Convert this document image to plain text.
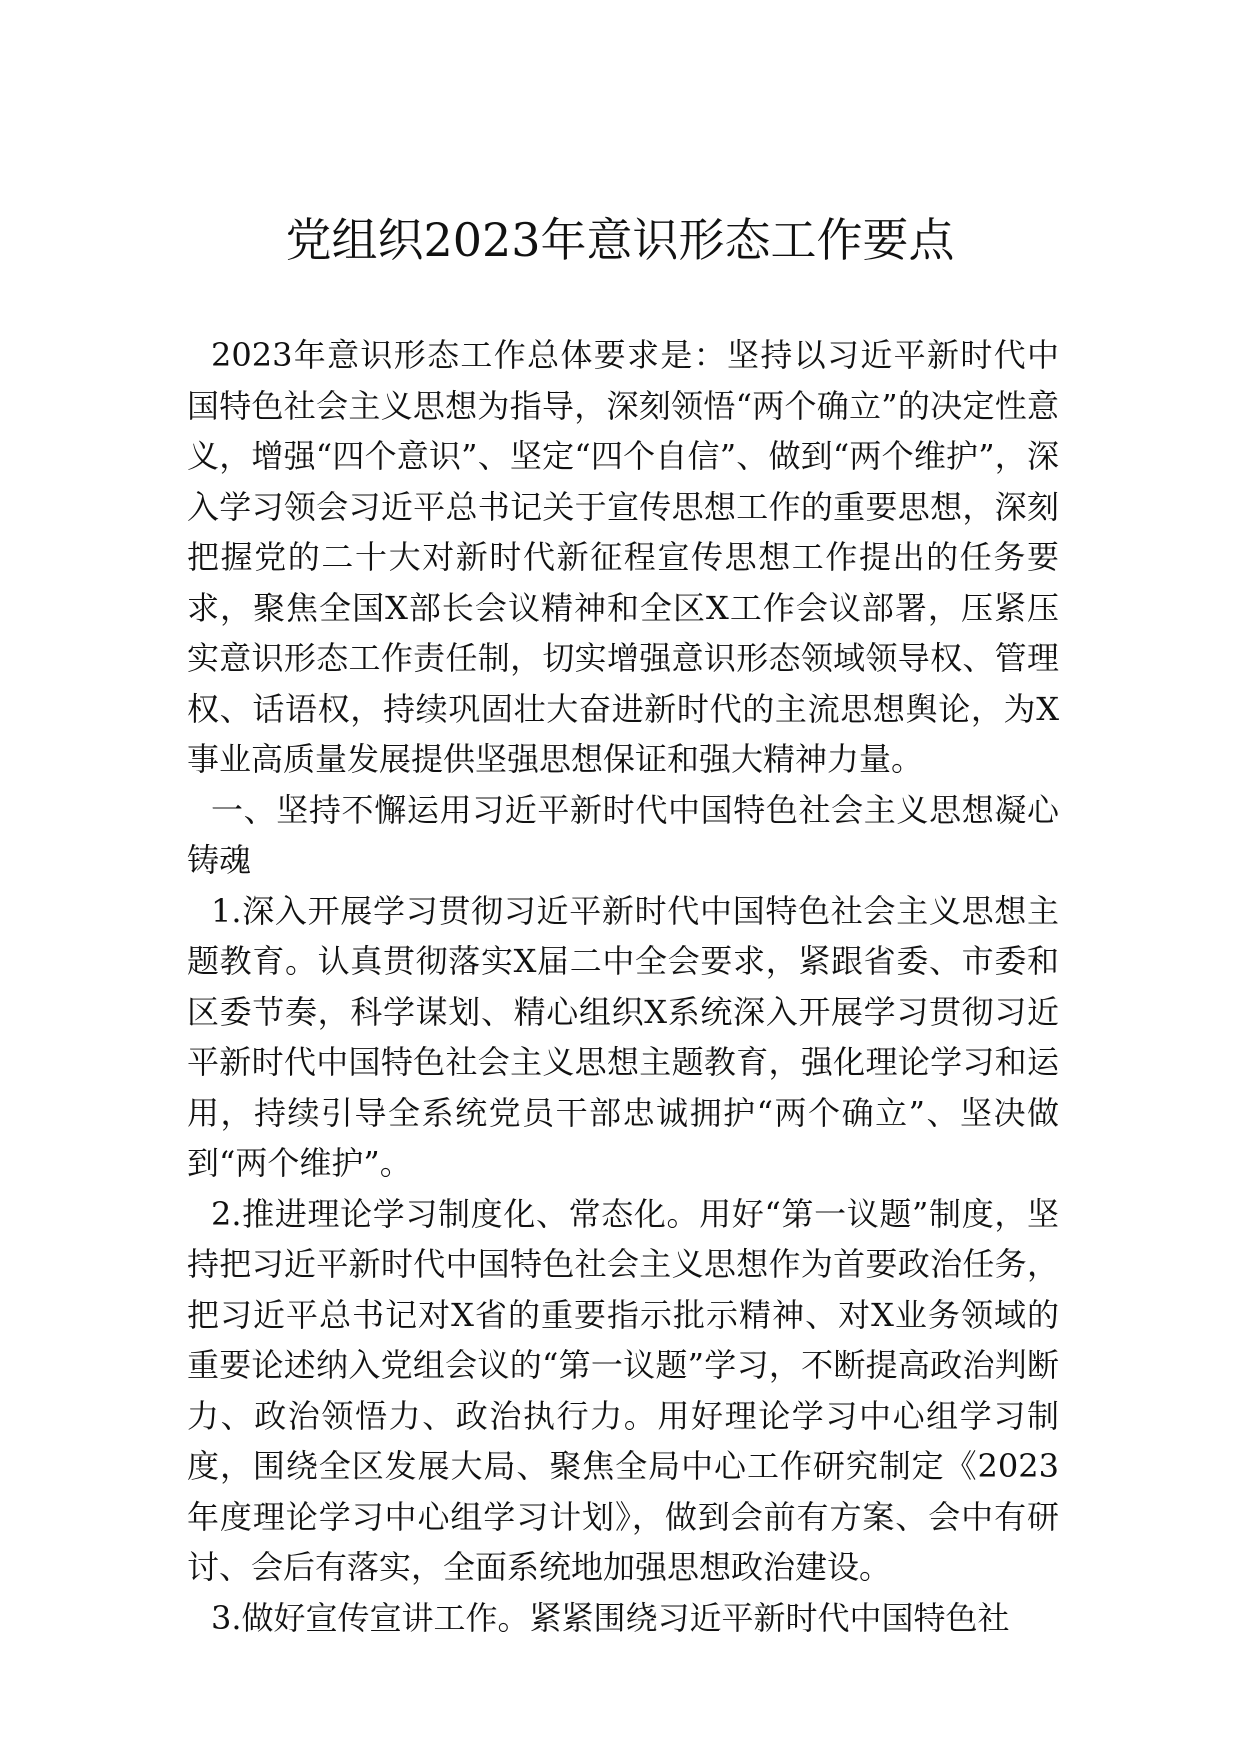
党组织2023年意识形态工作要点

2023年意识形态工作总体要求是：坚持以习近平新时代中国特色社会主义思想为指导，深刻领悟“两个确立”的决定性意义，增强“四个意识”、坚定“四个自信”、做到“两个维护”，深入学习领会习近平总书记关于宣传思想工作的重要思想，深刻把握党的二十大对新时代新征程宣传思想工作提出的任务要求，聚焦全国X部长会议精神和全区X工作会议部署，压紧压实意识形态工作责任制，切实增强意识形态领域领导权、管理权、话语权，持续巩固壮大奋进新时代的主流思想舆论，为X事业高质量发展提供坚强思想保证和强大精神力量。

一、坚持不懈运用习近平新时代中国特色社会主义思想凝心铸魂

1.深入开展学习贯彻习近平新时代中国特色社会主义思想主题教育。认真贯彻落实X届二中全会要求，紧跟省委、市委和区委节奏，科学谋划、精心组织X系统深入开展学习贯彻习近平新时代中国特色社会主义思想主题教育，强化理论学习和运用，持续引导全系统党员干部忠诚拥护“两个确立”、坚决做到“两个维护”。

2.推进理论学习制度化、常态化。用好“第一议题”制度，坚持把习近平新时代中国特色社会主义思想作为首要政治任务，把习近平总书记对X省的重要指示批示精神、对X业务领域的重要论述纳入党组会议的“第一议题”学习，不断提高政治判断力、政治领悟力、政治执行力。用好理论学习中心组学习制度，围绕全区发展大局、聚焦全局中心工作研究制定《2023年度理论学习中心组学习计划》，做到会前有方案、会中有研讨、会后有落实，全面系统地加强思想政治建设。

3.做好宣传宣讲工作。紧紧围绕习近平新时代中国特色社
